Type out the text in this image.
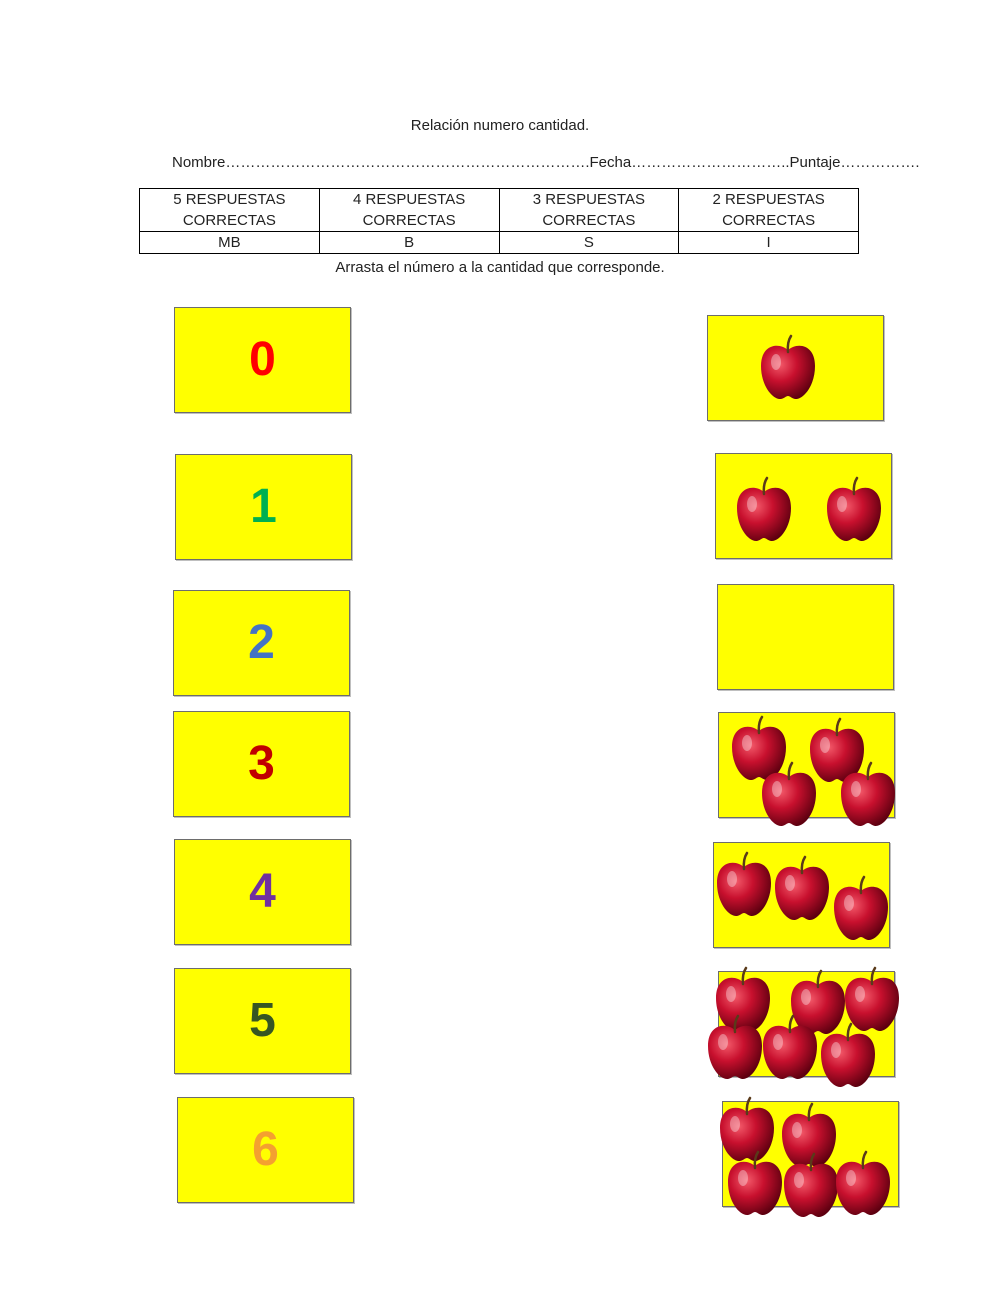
Relación numero cantidad.
Nombre……………………………………………………………….Fecha…………………………..Puntaje…………….
5 RESPUESTAS CORRECTAS	4 RESPUESTAS CORRECTAS	3 RESPUESTAS CORRECTAS	2 RESPUESTAS CORRECTAS
MB	B	S	I
Arrasta el número a la cantidad que corresponde.
0
1
2
3
4
5
6
